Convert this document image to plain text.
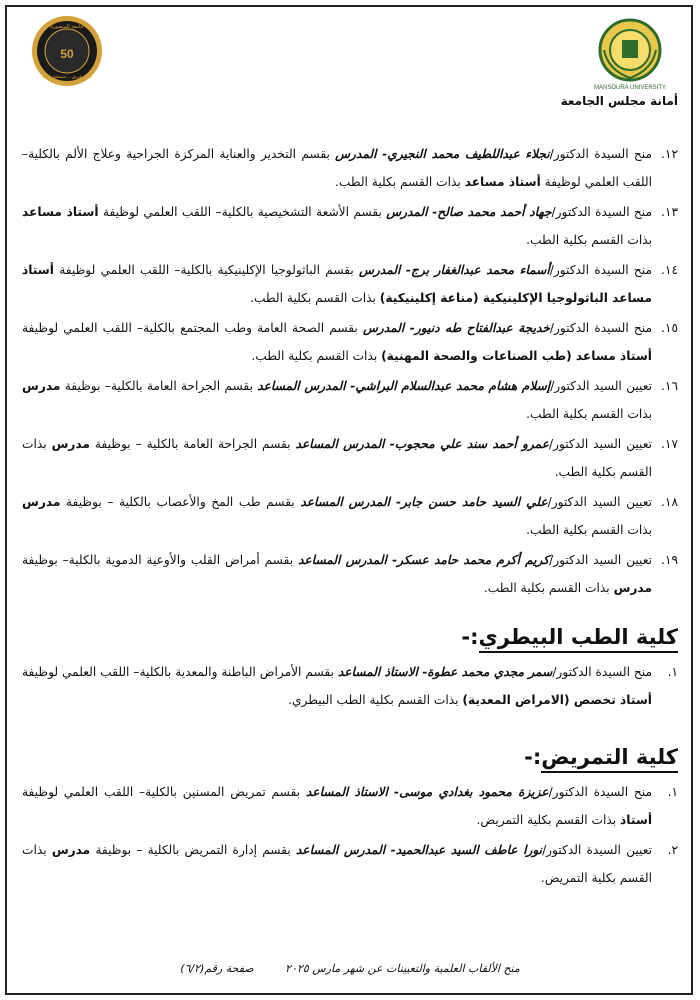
MANSOURA UNIVERSITY
جامعة المنصورة
50
تاريخ عريق .. مستقبل واعد
أمانة مجلس الجامعة
١٢.
منح السيدة الدكتور/نجلاء عبداللطيف محمد النجيري- المدرس بقسم التخدير والعناية المركزة الجراحية وعلاج الألم بالكلية– اللقب العلمي لوظيفة أستاذ مساعد بذات القسم بكلية الطب.
١٣.
منح السيدة الدكتور/جهاد أحمد محمد صالح- المدرس بقسم الأشعة التشخيصية بالكلية– اللقب العلمي لوظيفة أستاذ مساعد بذات القسم بكلية الطب.
١٤.
منح السيدة الدكتور/أسماء محمد عبدالغفار برج- المدرس بقسم الباثولوجيا الإكلينيكية بالكلية– اللقب العلمي لوظيفة أستاذ مساعد الباثولوجيا الإكلينيكية (مناعة إكلينيكية) بذات القسم بكلية الطب.
١٥.
منح السيدة الدكتور/خديجة عبدالفتاح طه دنيور- المدرس بقسم الصحة العامة وطب المجتمع بالكلية– اللقب العلمي لوظيفة أستاذ مساعد (طب الصناعات والصحة المهنية) بذات القسم بكلية الطب.
١٦.
تعيين السيد الدكتور/إسلام هشام محمد عبدالسلام البراشي- المدرس المساعد بقسم الجراحة العامة بالكلية– بوظيفة مدرس بذات القسم بكلية الطب.
١٧.
تعيين السيد الدكتور/عمرو أحمد سند علي محجوب- المدرس المساعد بقسم الجراحة العامة بالكلية – بوظيفة مدرس بذات القسم بكلية الطب.
١٨.
تعيين السيد الدكتور/علي السيد حامد حسن جابر- المدرس المساعد بقسم طب المخ والأعصاب بالكلية – بوظيفة مدرس بذات القسم بكلية الطب.
١٩.
تعيين السيد الدكتور/كريم أكرم محمد حامد عسكر- المدرس المساعد بقسم أمراض القلب والأوعية الدموية بالكلية– بوظيفة مدرس بذات القسم بكلية الطب.
كلية الطب البيطري:-
١.
منح السيدة الدكتور/سمر مجدي محمد عطوة- الاستاذ المساعد بقسم الأمراض الباطنة والمعدية بالكلية– اللقب العلمي لوظيفة أستاذ تخصص (الامراض المعدية) بذات القسم بكلية الطب البيطري.
كلية التمريض:-
١.
منح السيدة الدكتور/عزيزة محمود بغدادي موسى- الاستاذ المساعد بقسم تمريض المسنين بالكلية– اللقب العلمي لوظيفة أستاذ بذات القسم بكلية التمريض.
٢.
تعيين السيدة الدكتور/نورا عاطف السيد عبدالحميد- المدرس المساعد بقسم إدارة التمريض بالكلية – بوظيفة مدرس بذات القسم بكلية التمريض.
منح الألقاب العلمية والتعيينات عن شهر مارس ٢٠٢٥ صفحة رقم(٦/٢)
